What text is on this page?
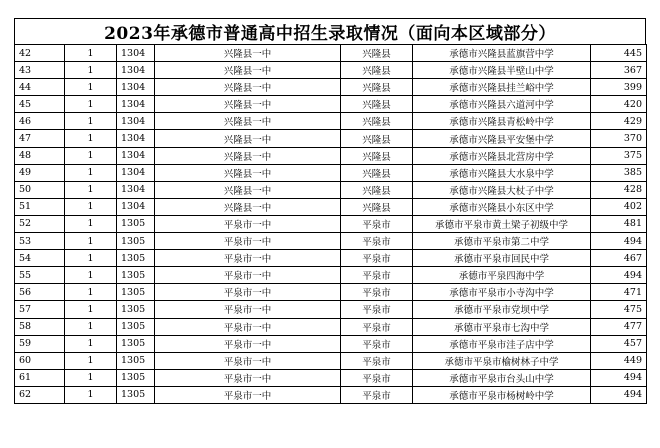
2023年承德市普通高中招生录取情况（面向本区域部分）
42	1	1304	兴隆县一中	兴隆县	承德市兴隆县蓝旗营中学	445
43	1	1304	兴隆县一中	兴隆县	承德市兴隆县半壁山中学	367
44	1	1304	兴隆县一中	兴隆县	承德市兴隆县挂兰峪中学	399
45	1	1304	兴隆县一中	兴隆县	承德市兴隆县六道河中学	420
46	1	1304	兴隆县一中	兴隆县	承德市兴隆县青松岭中学	429
47	1	1304	兴隆县一中	兴隆县	承德市兴隆县平安堡中学	370
48	1	1304	兴隆县一中	兴隆县	承德市兴隆县北营房中学	375
49	1	1304	兴隆县一中	兴隆县	承德市兴隆县大水泉中学	385
50	1	1304	兴隆县一中	兴隆县	承德市兴隆县大杖子中学	428
51	1	1304	兴隆县一中	兴隆县	承德市兴隆县小东区中学	402
52	1	1305	平泉市一中	平泉市	承德市平泉市黄土梁子初级中学	481
53	1	1305	平泉市一中	平泉市	承德市平泉市第二中学	494
54	1	1305	平泉市一中	平泉市	承德市平泉市回民中学	467
55	1	1305	平泉市一中	平泉市	承德市平泉四海中学	494
56	1	1305	平泉市一中	平泉市	承德市平泉市小寺沟中学	471
57	1	1305	平泉市一中	平泉市	承德市平泉市党坝中学	475
58	1	1305	平泉市一中	平泉市	承德市平泉市七沟中学	477
59	1	1305	平泉市一中	平泉市	承德市平泉市洼子店中学	457
60	1	1305	平泉市一中	平泉市	承德市平泉市榆树林子中学	449
61	1	1305	平泉市一中	平泉市	承德市平泉市台头山中学	494
62	1	1305	平泉市一中	平泉市	承德市平泉市杨树岭中学	494
